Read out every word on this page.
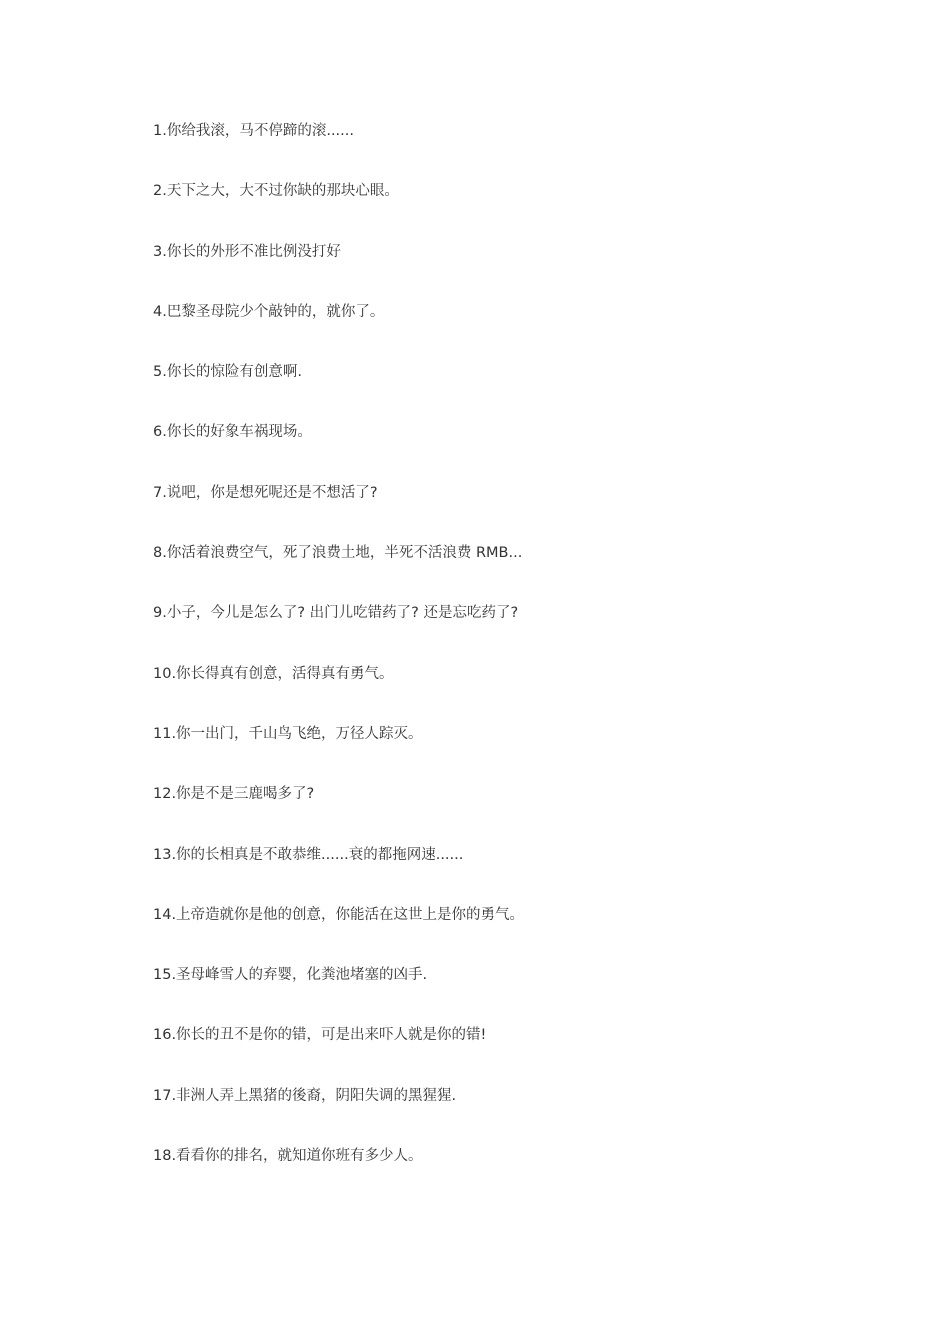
1.你给我滚，马不停蹄的滚......
2.天下之大，大不过你缺的那块心眼。
3.你长的外形不准比例没打好
4.巴黎圣母院少个敲钟的，就你了。
5.你长的惊险有创意啊.
6.你长的好象车祸现场。
7.说吧，你是想死呢还是不想活了?
8.你活着浪费空气，死了浪费土地，半死不活浪费 RMB...
9.小子，今儿是怎么了? 出门儿吃错药了? 还是忘吃药了?
10.你长得真有创意，活得真有勇气。
11.你一出门，千山鸟飞绝，万径人踪灭。
12.你是不是三鹿喝多了?
13.你的长相真是不敢恭维......衰的都拖网速......
14.上帝造就你是他的创意，你能活在这世上是你的勇气。
15.圣母峰雪人的弃婴，化粪池堵塞的凶手.
16.你长的丑不是你的错，可是出来吓人就是你的错!
17.非洲人弄上黑猪的後裔，阴阳失调的黑猩猩.
18.看看你的排名，就知道你班有多少人。
